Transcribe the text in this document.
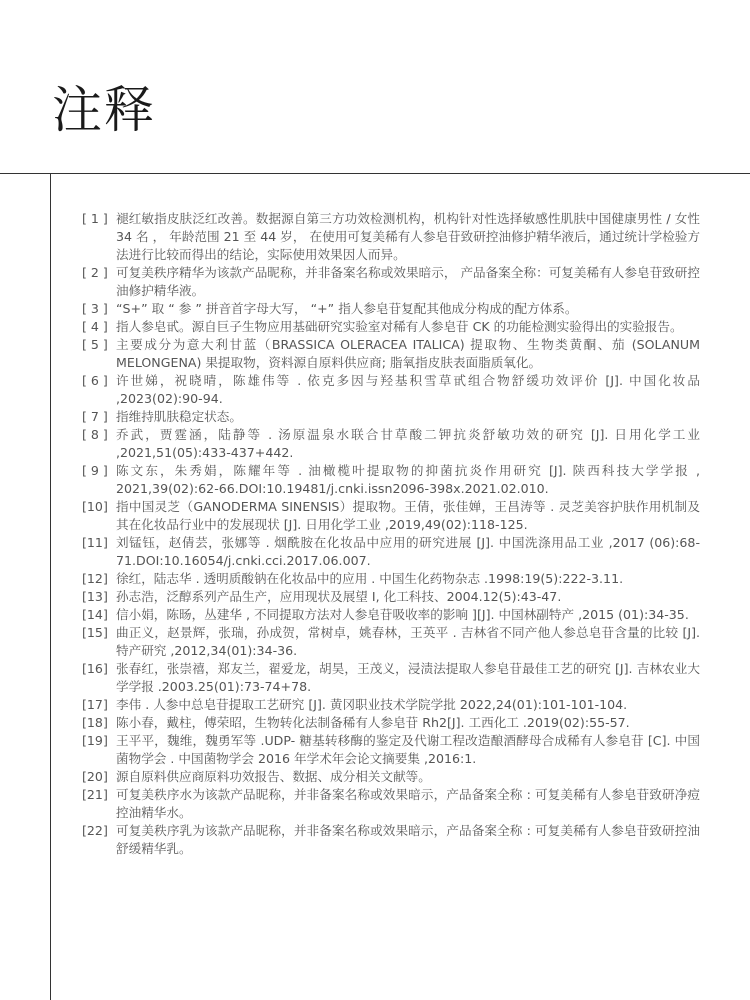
注释
[ 1 ] 褪红敏指皮肤泛红改善。数据源自第三方功效检测机构，机构针对性选择敏感性肌肤中国健康男性 / 女性 34 名 ， 年龄范围 21 至 44 岁， 在使用可复美稀有人参皂苷致研控油修护精华液后，通过统计学检验方法进行比较而得出的结论，实际使用效果因人而异。
[ 2 ] 可复美秩序精华为该款产品昵称，并非备案名称或效果暗示， 产品备案全称：可复美稀有人参皂苷致研控油修护精华液。
[ 3 ] “S+” 取 “ 参 ” 拼音首字母大写， “+” 指人参皂苷复配其他成分构成的配方体系。
[ 4 ] 指人参皂甙。源自巨子生物应用基础研究实验室对稀有人参皂苷 CK 的功能检测实验得出的实验报告。
[ 5 ] 主要成分为意大利甘蓝（BRASSICA OLERACEA ITALICA) 提取物、生物类黄酮、茄 (SOLANUM MELONGENA) 果提取物，资料源自原料供应商; 脂氧指皮肤表面脂质氧化。
[ 6 ] 许世娣，祝晓晴，陈雄伟等 . 依克多因与羟基积雪草甙组合物舒缓功效评价 [J]. 中国化妆品 ,2023(02):90-94.
[ 7 ] 指维持肌肤稳定状态。
[ 8 ] 乔武，贾霆涵，陆静等 . 汤原温泉水联合甘草酸二钾抗炎舒敏功效的研究 [J]. 日用化学工业 ,2021,51(05):433-437+442.
[ 9 ] 陈文东，朱秀娟，陈耀年等 . 油橄榄叶提取物的抑菌抗炎作用研究 [J]. 陕西科技大学学报 , 2021,39(02):62-66.DOI:10.19481/j.cnki.issn2096-398x.2021.02.010.
[10] 指中国灵芝（GANODERMA SINENSIS）提取物。王倩，张佳婵，王昌涛等 . 灵芝美容护肤作用机制及其在化妆品行业中的发展现状 [J]. 日用化学工业 ,2019,49(02):118-125.
[11] 刘锰钰，赵倩芸，张娜等 . 烟酰胺在化妆品中应用的研究进展 [J]. 中国洗涤用品工业 ,2017 (06):68-71.DOI:10.16054/j.cnki.cci.2017.06.007.
[12] 徐红，陆志华 . 透明质酸钠在化妆品中的应用 . 中国生化药物杂志 .1998:19(5):222-3.11.
[13] 孙志浩，泛醇系列产品生产，应用现状及展望 I, 化工科技、2004.12(5):43-47.
[14] 信小娟，陈旸，丛建华 , 不同提取方法对人参皂苷吸收率的影响 ][J]. 中国林副特产 ,2015 (01):34-35.
[15] 曲正义，赵景辉，张瑞，孙成贺，常树卓，姚春林，王英平 . 吉林省不同产他人参总皂苷含量的比较 [J]. 特产研究 ,2012,34(01):34-36.
[16] 张春红，张崇禧，郑友兰，翟爱龙，胡昊，王茂义，浸渍法提取人参皂苷最佳工艺的研究 [J]. 吉林农业大学学报 .2003.25(01):73-74+78.
[17] 李伟 . 人参中总皂苷提取工艺研究 [J]. 黄冈职业技术学院学批 2022,24(01):101-101-104.
[18] 陈小春，戴柱，傅荣昭，生物转化法制备稀有人参皂苷 Rh2[J]. 工西化工 .2019(02):55-57.
[19] 王平平，魏维，魏勇军等 .UDP- 糖基转移酶的鉴定及代谢工程改造酿酒酵母合成稀有人参皂苷 [C]. 中国菌物学会 . 中国菌物学会 2016 年学术年会论文摘要集 ,2016:1.
[20] 源自原料供应商原料功效报告、数据、成分相关文献等。
[21] 可复美秩序水为该款产品昵称，并非备案名称或效果暗示，产品备案全称 : 可复美稀有人参皂苷致研净痘控油精华水。
[22] 可复美秩序乳为该款产品昵称，并非备案名称或效果暗示，产品备案全称 : 可复美稀有人参皂苷致研控油舒缓精华乳。
